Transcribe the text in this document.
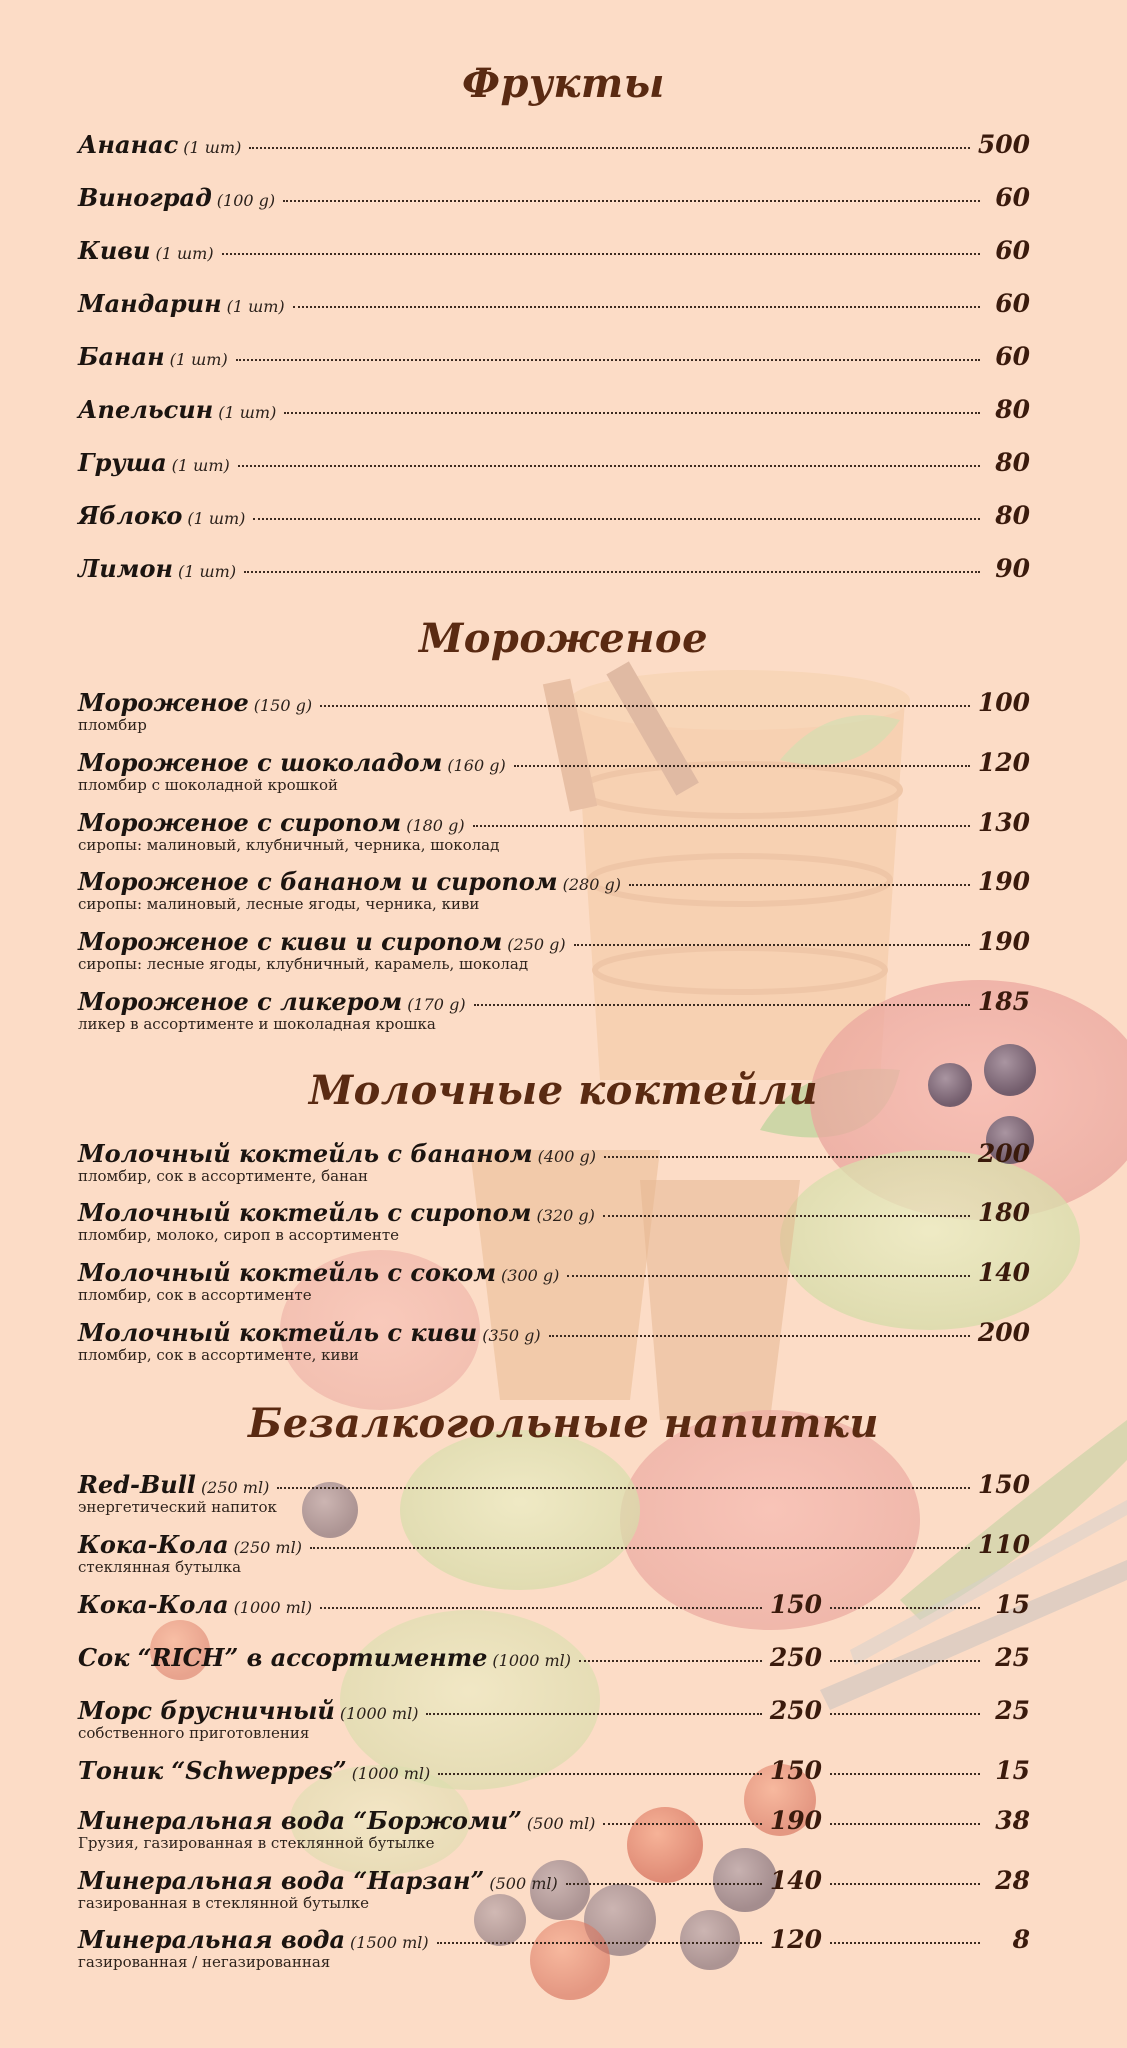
Фрукты
Ананас (1 шт)	500
Виноград (100 g)	60
Киви (1 шт)	60
Мандарин (1 шт)	60
Банан (1 шт)	60
Апельсин (1 шт)	80
Груша (1 шт)	80
Яблоко (1 шт)	80
Лимон (1 шт)	90
Мороженое
Мороженое (150 g)	100
пломбир
Мороженое с шоколадом (160 g)	120
пломбир с шоколадной крошкой
Мороженое с сиропом (180 g)	130
сиропы: малиновый, клубничный, черника, шоколад
Мороженое с бананом и сиропом (280 g)	190
сиропы: малиновый, лесные ягоды, черника, киви
Мороженое с киви и сиропом (250 g)	190
сиропы: лесные ягоды, клубничный, карамель, шоколад
Мороженое с ликером (170 g)	185
ликер в ассортименте и шоколадная крошка
Молочные коктейли
Молочный коктейль с бананом (400 g)	200
пломбир, сок в ассортименте, банан
Молочный коктейль с сиропом (320 g)	180
пломбир, молоко, сироп в ассортименте
Молочный коктейль с соком (300 g)	140
пломбир, сок в ассортименте
Молочный коктейль с киви (350 g)	200
пломбир, сок в ассортименте, киви
Безалкогольные напитки
Red-Bull (250 ml)	150
энергетический напиток
Кока-Кола (250 ml)	110
стеклянная бутылка
Кока-Кола (1000 ml)	150	15
Сок “RICH” в ассортименте (1000 ml)	250	25
Морс брусничный (1000 ml)	250	25
собственного приготовления
Тоник “Schweppes” (1000 ml)	150	15
Минеральная вода “Боржоми” (500 ml)	190	38
Грузия, газированная в стеклянной бутылке
Минеральная вода “Нарзан” (500 ml)	140	28
газированная в стеклянной бутылке
Минеральная вода (1500 ml)	120	8
газированная / негазированная
